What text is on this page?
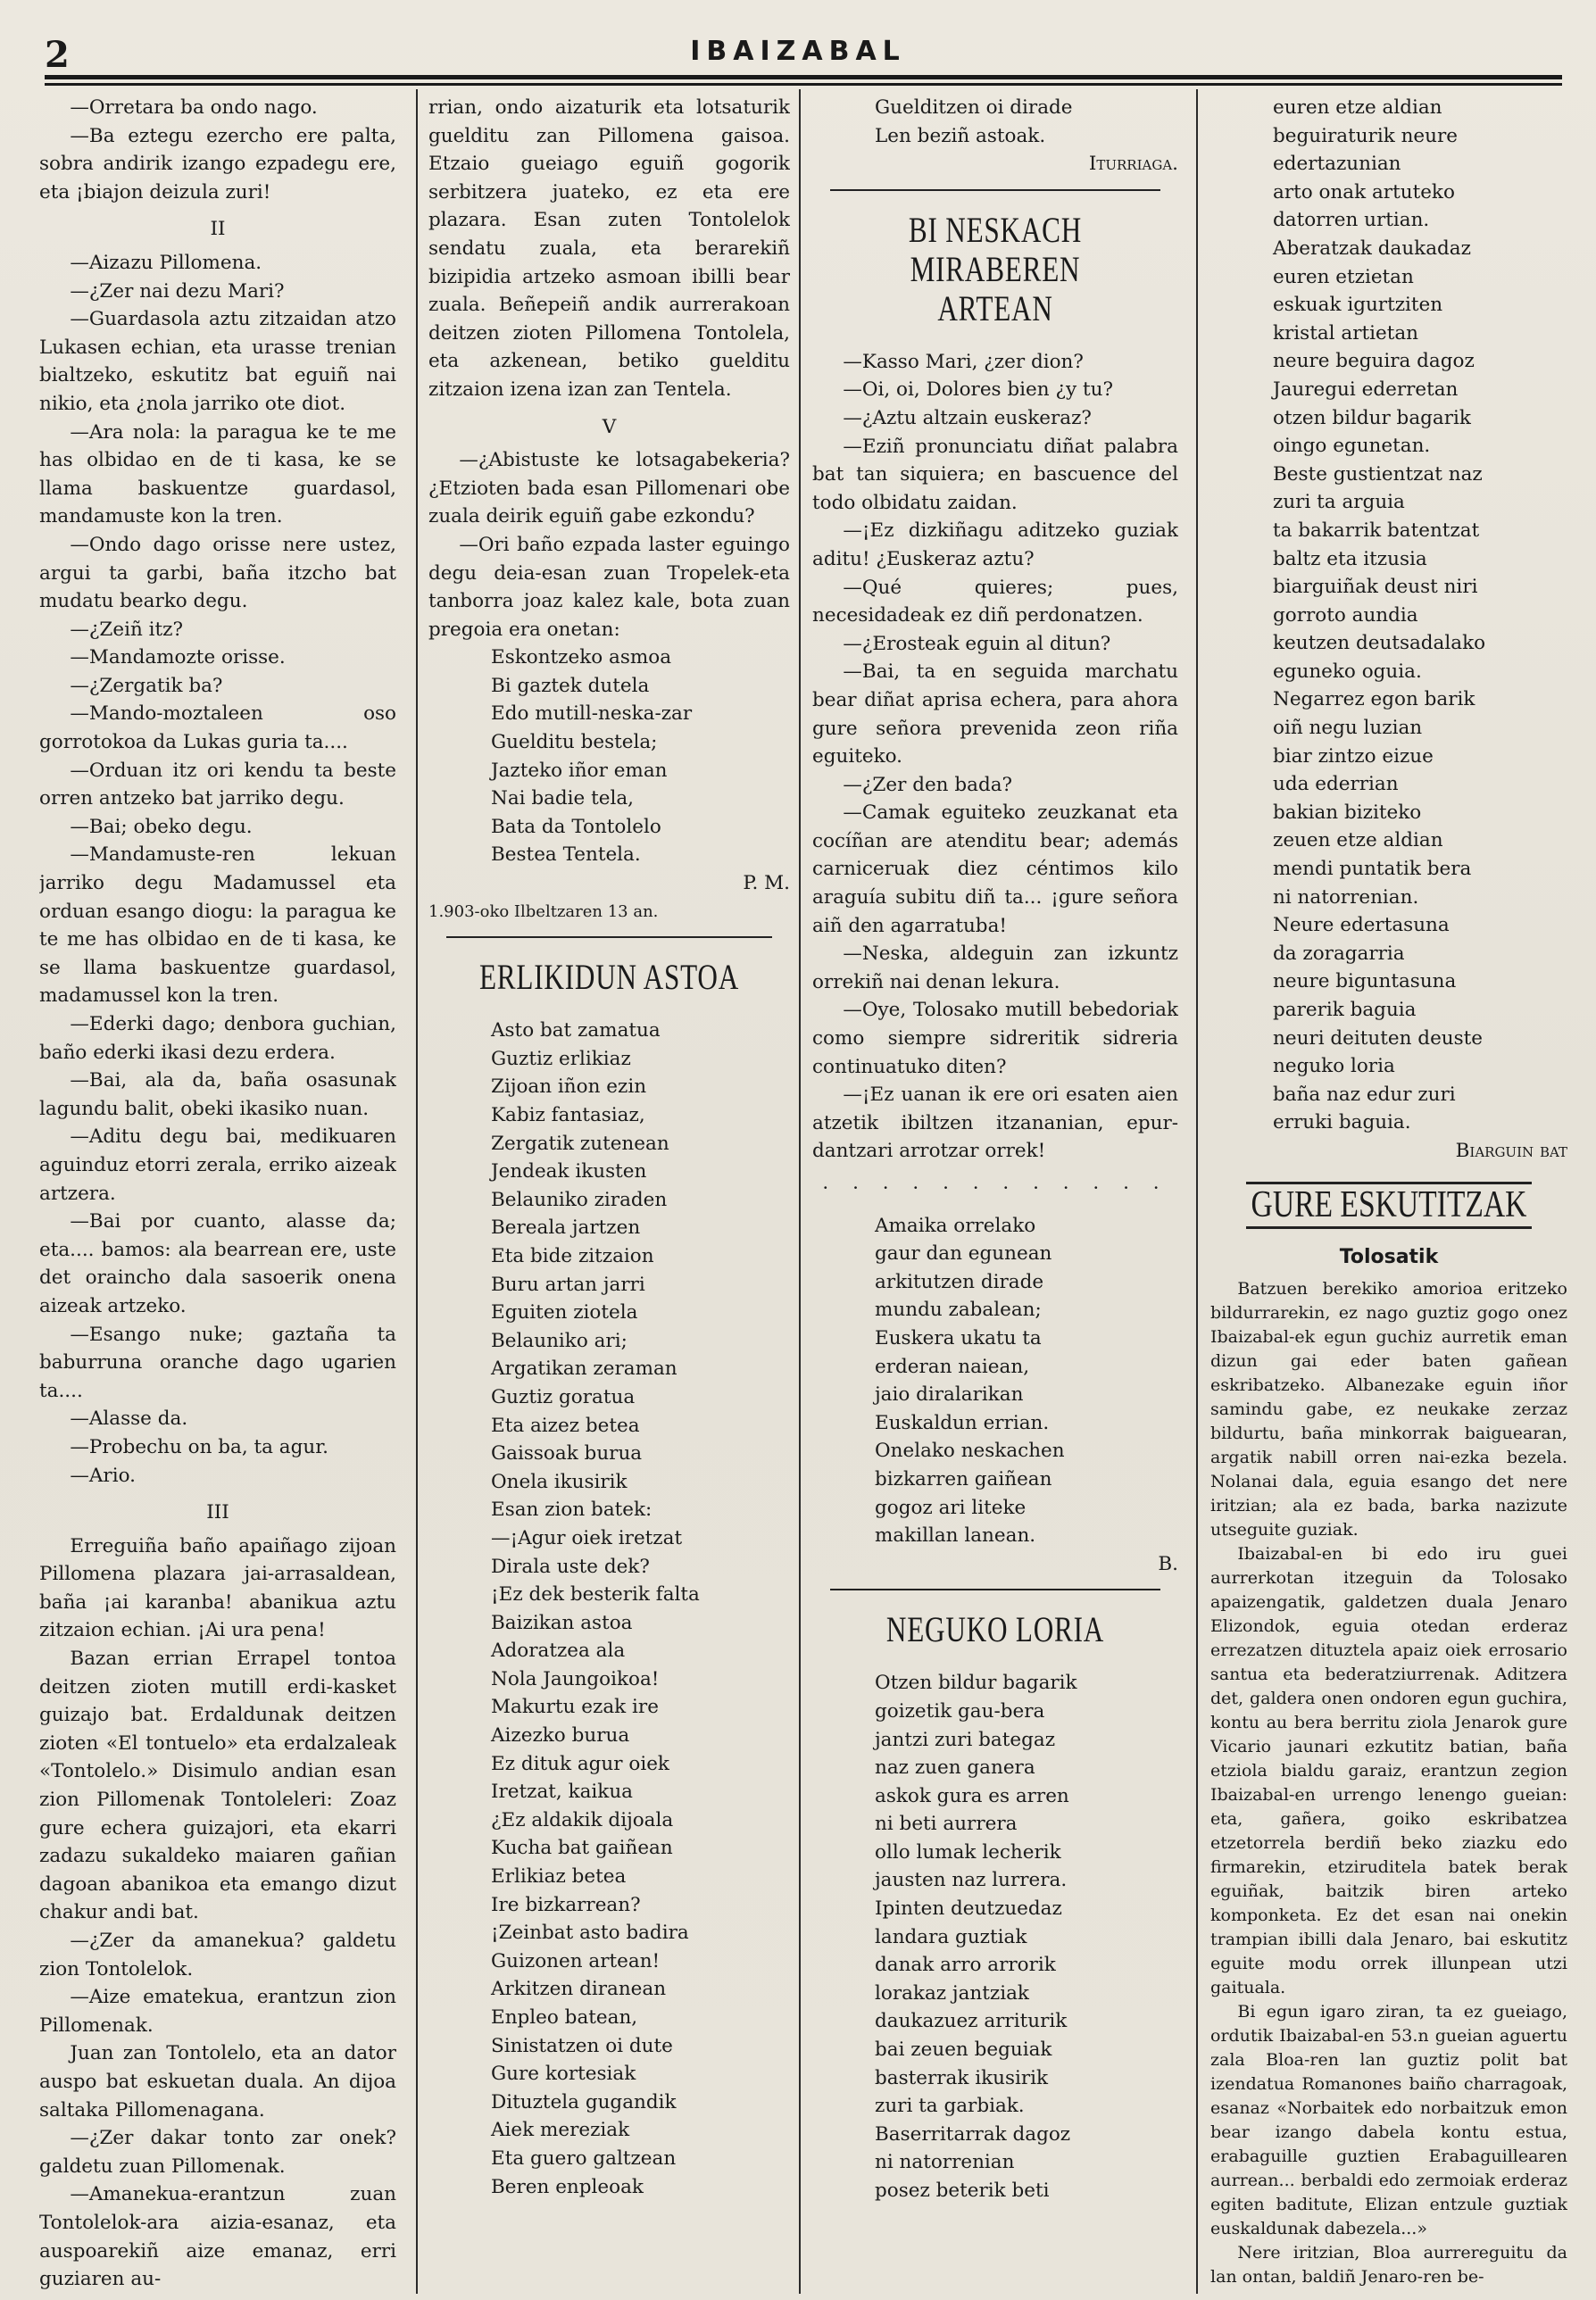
2	IBAIZABAL

—Orretara ba ondo nago.

—Ba eztegu ezercho ere palta, sobra andirik izango ezpadegu ere, eta ¡biajon deizula zuri!

II

—Aizazu Pillomena.

—¿Zer nai dezu Mari?

—Guardasola aztu zitzaidan atzo Lukasen echian, eta urasse trenian bialtzeko, eskutitz bat eguiñ nai nikio, eta ¿nola jarriko ote diot.

—Ara nola: la paragua ke te me has olbidao en de ti kasa, ke se llama baskuentze guardasol, mandamuste kon la tren.

—Ondo dago orisse nere ustez, argui ta garbi, baña itzcho bat mudatu bearko degu.

—¿Zeiñ itz?

—Mandamozte orisse.

—¿Zergatik ba?

—Mando-moztaleen oso gorrotokoa da Lukas guria ta....

—Orduan itz ori kendu ta beste orren antzeko bat jarriko degu.

—Bai; obeko degu.

—Mandamuste-ren lekuan jarriko degu Madamussel eta orduan esango diogu: la paragua ke te me has olbidao en de ti kasa, ke se llama baskuentze guardasol, madamussel kon la tren.

—Ederki dago; denbora guchian, baño ederki ikasi dezu erdera.

—Bai, ala da, baña osasunak lagundu balit, obeki ikasiko nuan.

—Aditu degu bai, medikuaren aguinduz etorri zerala, erriko aizeak artzera.

—Bai por cuanto, alasse da; eta.... bamos: ala bearrean ere, uste det oraincho dala sasoerik onena aizeak artzeko.

—Esango nuke; gaztaña ta baburruna oranche dago ugarien ta....

—Alasse da.

—Probechu on ba, ta agur.

—Ario.

III

Erreguiña baño apaiñago zijoan Pillomena plazara jai-arrasaldean, baña ¡ai karanba! abanikua aztu zitzaion echian. ¡Ai ura pena!

Bazan errian Errapel tontoa deitzen zioten mutill erdi-kasket guizajo bat. Erdaldunak deitzen zioten «El tontuelo» eta erdalzaleak «Tontolelo.» Disimulo andian esan zion Pillomenak Tontoleleri: Zoaz gure echera guizajori, eta ekarri zadazu sukaldeko maiaren gañian dagoan abanikoa eta emango dizut chakur andi bat.

—¿Zer da amanekua? galdetu zion Tontolelok.

—Aize ematekua, erantzun zion Pillomenak.

Juan zan Tontolelo, eta an dator auspo bat eskuetan duala. An dijoa saltaka Pillomenagana.

—¿Zer dakar tonto zar onek? galdetu zuan Pillomenak.

—Amanekua-erantzun zuan Tontolelok-ara aizia-esanaz, eta auspoarekiñ aize emanaz, erri guziaren au-

rrian, ondo aizaturik eta lotsaturik guelditu zan Pillomena gaisoa. Etzaio gueiago eguiñ gogorik serbitzera juateko, ez eta ere plazara. Esan zuten Tontolelok sendatu zuala, eta berarekiñ bizipidia artzeko asmoan ibilli bear zuala. Beñepeiñ andik aurrerakoan deitzen zioten Pillomena Tontolela, eta azkenean, betiko guelditu zitzaion izena izan zan Tentela.

V

—¿Abistuste ke lotsagabekeria? ¿Etzioten bada esan Pillomenari obe zuala deirik eguiñ gabe ezkondu?

—Ori baño ezpada laster eguingo degu deia-esan zuan Tropelek-eta tanborra joaz kalez kale, bota zuan pregoia era onetan:

Eskontzeko asmoa
Bi gaztek dutela
Edo mutill-neska-zar
Guelditu bestela;
Jazteko iñor eman
Nai badie tela,
Bata da Tontolelo
Bestea Tentela.

P. M.

1.903-oko Ilbeltzaren 13 an.

ERLIKIDUN ASTOA
Asto bat zamatua
Guztiz erlikiaz
Zijoan iñon ezin
Kabiz fantasiaz,
Zergatik zutenean
Jendeak ikusten
Belauniko ziraden
Bereala jartzen
Eta bide zitzaion
Buru artan jarri
Eguiten ziotela
Belauniko ari;
Argatikan zeraman
Guztiz goratua
Eta aizez betea
Gaissoak burua
Onela ikusirik
Esan zion batek:
—¡Agur oiek iretzat
Dirala uste dek?
¡Ez dek besterik falta
Baizikan astoa
Adoratzea ala
Nola Jaungoikoa!
Makurtu ezak ire
Aizezko burua
Ez dituk agur oiek
Iretzat, kaikua
¿Ez aldakik dijoala
Kucha bat gaiñean
Erlikiaz betea
Ire bizkarrean?
¡Zeinbat asto badira
Guizonen artean!
Arkitzen diranean
Enpleo batean,
Sinistatzen oi dute
Gure kortesiak
Dituztela gugandik
Aiek mereziak
Eta guero galtzean
Beren enpleoak
Guelditzen oi dirade
Len beziñ astoak.

Iturriaga.

BI NESKACH MIRABEREN ARTEAN

—Kasso Mari, ¿zer dion?

—Oi, oi, Dolores bien ¿y tu?

—¿Aztu altzain euskeraz?

—Eziñ pronunciatu diñat palabra bat tan siquiera; en bascuence del todo olbidatu zaidan.

—¡Ez dizkiñagu aditzeko guziak aditu! ¿Euskeraz aztu?

—Qué quieres; pues, necesidadeak ez diñ perdonatzen.

—¿Erosteak eguin al ditun?

—Bai, ta en seguida marchatu bear diñat aprisa echera, para ahora gure señora prevenida zeon riña eguiteko.

—¿Zer den bada?

—Camak eguiteko zeuzkanat eta cocíñan are atenditu bear; además carniceruak diez céntimos kilo araguía subitu diñ ta... ¡gure señora aiñ den agarratuba!

—Neska, aldeguin zan izkuntz orrekiñ nai denan lekura.

—Oye, Tolosako mutill bebedoriak como siempre sidreritik sidreria continuatuko diten?

—¡Ez uanan ik ere ori esaten aien atzetik ibiltzen itzananian, epur-dantzari arrotzar orrek!

· · · · · · · · · · · ·
Amaika orrelako
gaur dan egunean
arkitutzen dirade
mundu zabalean;
Euskera ukatu ta
erderan naiean,
jaio diralarikan
Euskaldun errian.
Onelako neskachen
bizkarren gaiñean
gogoz ari liteke
makillan lanean.

B.

NEGUKO LORIA
Otzen bildur bagarik
goizetik gau-bera
jantzi zuri bategaz
naz zuen ganera
askok gura es arren
ni beti aurrera
ollo lumak lecherik
jausten naz lurrera.
Ipinten deutzuedaz
landara guztiak
danak arro arrorik
lorakaz jantziak
daukazuez arriturik
bai zeuen beguiak
basterrak ikusirik
zuri ta garbiak.
Baserritarrak dagoz
ni natorrenian
posez beterik beti
euren etze aldian
beguiraturik neure
edertazunian
arto onak artuteko
datorren urtian.
Aberatzak daukadaz
euren etzietan
eskuak igurtziten
kristal artietan
neure beguira dagoz
Jauregui ederretan
otzen bildur bagarik
oingo egunetan.
Beste gustientzat naz
zuri ta arguia
ta bakarrik batentzat
baltz eta itzusia
biarguiñak deust niri
gorroto aundia
keutzen deutsadalako
eguneko oguia.
Negarrez egon barik
oiñ negu luzian
biar zintzo eizue
uda ederrian
bakian biziteko
zeuen etze aldian
mendi puntatik bera
ni natorrenian.
Neure edertasuna
da zoragarria
neure biguntasuna
parerik baguia
neuri deituten deuste
neguko loria
baña naz edur zuri
erruki baguia.

Biarguin bat

GURE ESKUTITZAK
Tolosatik

Batzuen berekiko amorioa eritzeko bildurrarekin, ez nago guztiz gogo onez Ibaizabal-ek egun guchiz aurretik eman dizun gai eder baten gañean eskribatzeko. Albanezake eguin iñor samindu gabe, ez neukake zerzaz bildurtu, baña minkorrak baiguearan, argatik nabill orren nai-ezka bezela. Nolanai dala, eguia esango det nere iritzian; ala ez bada, barka nazizute utseguite guziak.

Ibaizabal-en bi edo iru guei aurrerkotan itzeguin da Tolosako apaizengatik, galdetzen duala Jenaro Elizondok, eguia otedan erderaz errezatzen dituztela apaiz oiek errosario santua eta bederatziurrenak. Aditzera det, galdera onen ondoren egun guchira, kontu au bera berritu ziola Jenarok gure Vicario jaunari ezkutitz batian, baña etziola bialdu garaiz, erantzun zegion Ibaizabal-en urrengo lenengo gueian: eta, gañera, goiko eskribatzea etzetorrela berdiñ beko ziazku edo firmarekin, etziruditela batek berak eguiñak, baitzik biren arteko komponketa. Ez det esan nai onekin trampian ibilli dala Jenaro, bai eskutitz eguite modu orrek illunpean utzi gaituala.

Bi egun igaro ziran, ta ez gueiago, ordutik Ibaizabal-en 53.n gueian aguertu zala Bloa-ren lan guztiz polit bat izendatua Romanones baiño charragoak, esanaz «Norbaitek edo norbaitzuk emon bear izango dabela kontu estua, erabaguille guztien Erabaguillearen aurrean... berbaldi edo zermoiak erderaz egiten baditute, Elizan entzule guztiak euskaldunak dabezela...»

Nere iritzian, Bloa aurrereguitu da lan ontan, baldiñ Jenaro-ren be-
